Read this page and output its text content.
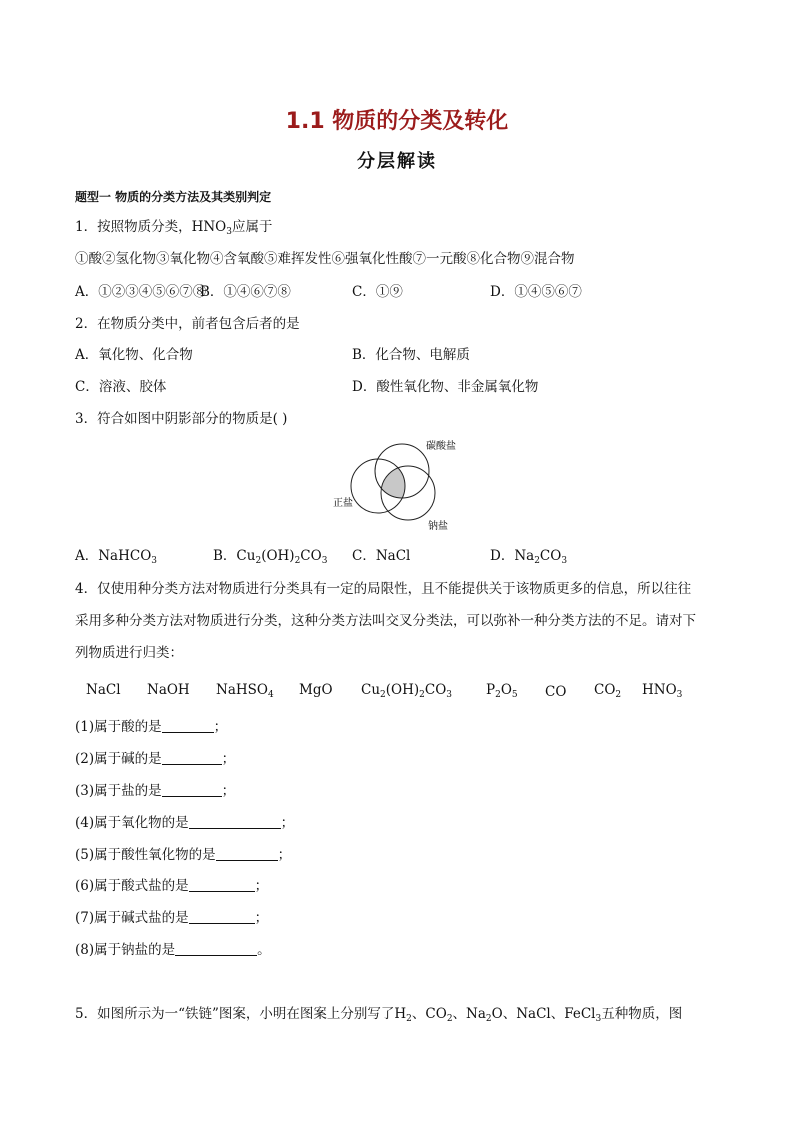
1.1 物质的分类及转化
分层解读
题型一 物质的分类方法及其类别判定
1．按照物质分类，$HNO_3$应属于
①酸②氢化物③氧化物④含氧酸⑤难挥发性⑥强氧化性酸⑦一元酸⑧化合物⑨混合物
A．①②③④⑤⑥⑦⑧
B．①④⑥⑦⑧	C．①⑨	D．①④⑤⑥⑦
2．在物质分类中，前者包含后者的是
A．氧化物、化合物	B．化合物、电解质
C．溶液、胶体	D．酸性氧化物、非金属氧化物
3．符合如图中阴影部分的物质是( )
碳酸盐
正盐
钠盐
A．NaHCO$_3$	B．$Cu_2(OH)_2CO_3$ C．NaCl	D．$Na_2CO_3$
4．仅使用种分类方法对物质进行分类具有一定的局限性，且不能提供关于该物质更多的信息，所以往往
采用多种分类方法对物质进行分类，这种分类方法叫交叉分类法，可以弥补一种分类方法的不足。请对下
列物质进行归类：
NaCl NaOH NaHSO$_4$ MgO $Cu_2(OH)_2CO_3$	$P_2O_5$ CO $CO_2$ $HNO_3$
(1)属于酸的是	；
(2)属于碱的是	；
(3)属于盐的是	；
(4)属于氧化物的是	；
(5)属于酸性氧化物的是	；
(6)属于酸式盐的是	；
(7)属于碱式盐的是	；
(8)属于钠盐的是	。
5．如图所示为一“铁链”图案，小明在图案上分别写了$H_2$、$CO_2$、$Na_2O$、NaCl、FeCl$_3$五种物质，图
